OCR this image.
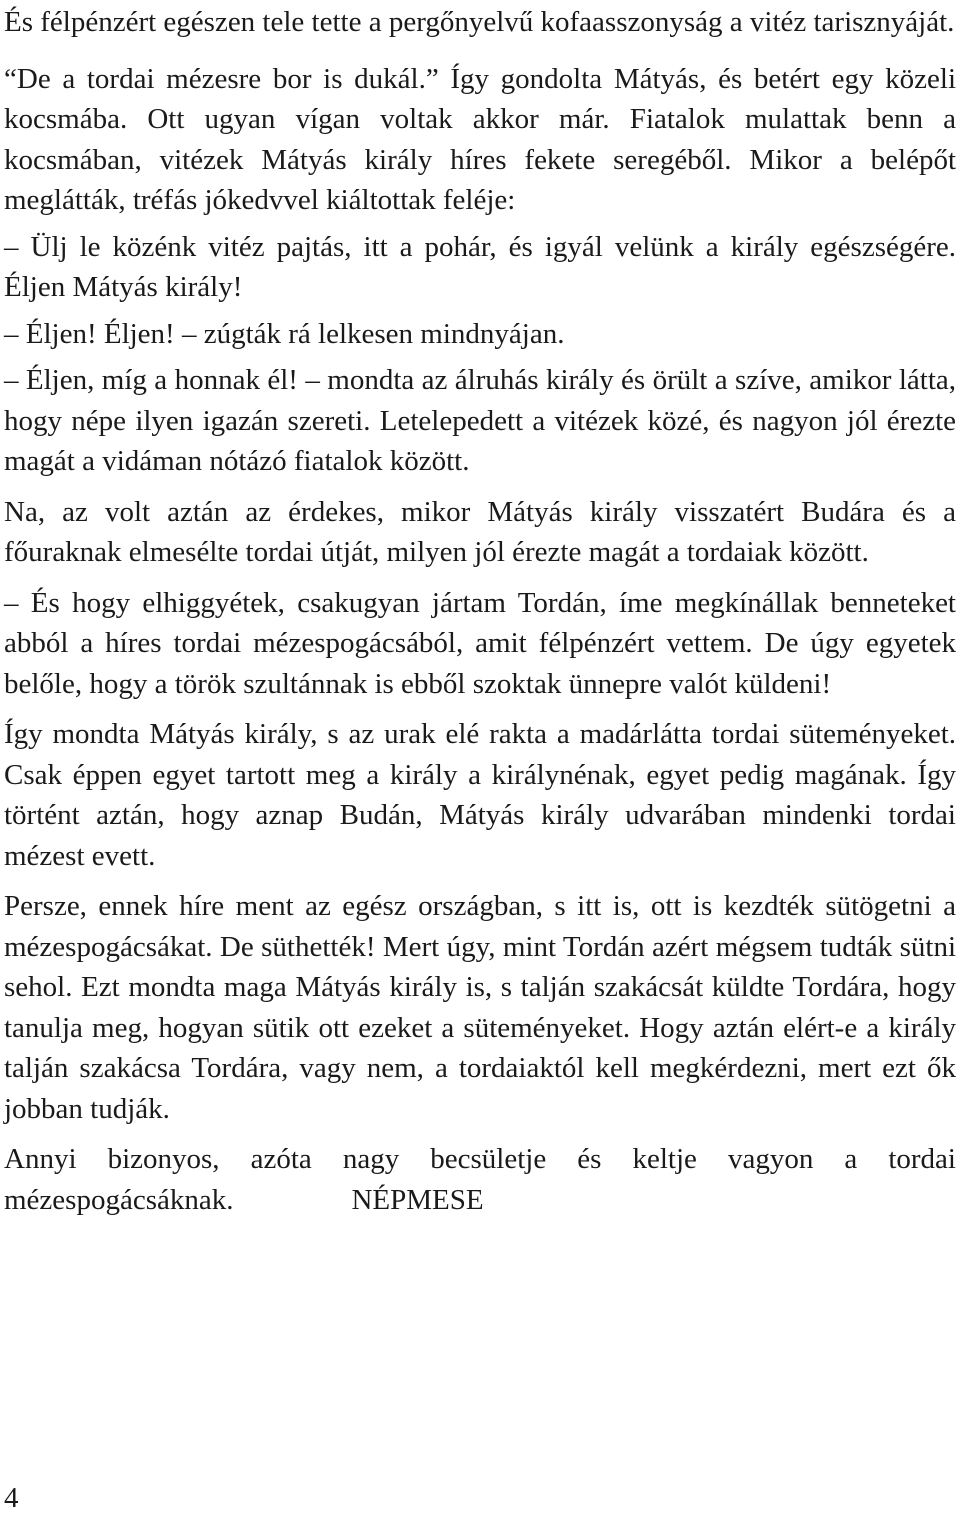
És félpénzért egészen tele tette a pergőnyelvű kofaasszonyság a vitéz tarisznyáját.

“De a tordai mézesre bor is dukál.” Így gondolta Mátyás, és betért egy közeli kocsmába. Ott ugyan vígan voltak akkor már. Fiatalok mulattak benn a kocsmában, vitézek Mátyás király híres fekete seregéből. Mikor a belépőt meglátták, tréfás jókedvvel kiáltottak feléje:

– Ülj le közénk vitéz pajtás, itt a pohár, és igyál velünk a király egészségére. Éljen Mátyás király!

– Éljen! Éljen! – zúgták rá lelkesen mindnyájan.

– Éljen, míg a honnak él! – mondta az álruhás király és örült a szíve, amikor látta, hogy népe ilyen igazán szereti. Letelepedett a vitézek közé, és nagyon jól érezte magát a vidáman nótázó fiatalok között.

Na, az volt aztán az érdekes, mikor Mátyás király visszatért Budára és a főuraknak elmesélte tordai útját, milyen jól érezte magát a tordaiak között.

– És hogy elhiggyétek, csakugyan jártam Tordán, íme megkínállak benneteket abból a híres tordai mézespogácsából, amit félpénzért vettem. De úgy egyetek belőle, hogy a török szultánnak is ebből szoktak ünnepre valót küldeni!

Így mondta Mátyás király, s az urak elé rakta a madárlátta tordai süteményeket. Csak éppen egyet tartott meg a király a királynénak, egyet pedig magának. Így történt aztán, hogy aznap Budán, Mátyás király udvarában mindenki tordai mézest evett.

Persze, ennek híre ment az egész országban, s itt is, ott is kezdték sütögetni a mézespogácsákat. De süthették! Mert úgy, mint Tordán azért mégsem tudták sütni sehol. Ezt mondta maga Mátyás király is, s talján szakácsát küldte Tordára, hogy tanulja meg, hogyan sütik ott ezeket a süteményeket. Hogy aztán elért-e a király talján szakácsa Tordára, vagy nem, a tordaiaktól kell megkérdezni, mert ezt ők jobban tudják.

Annyi bizonyos, azóta nagy becsületje és keltje vagyon a tordai
mézespogácsáknak.	NÉPMESE

4
